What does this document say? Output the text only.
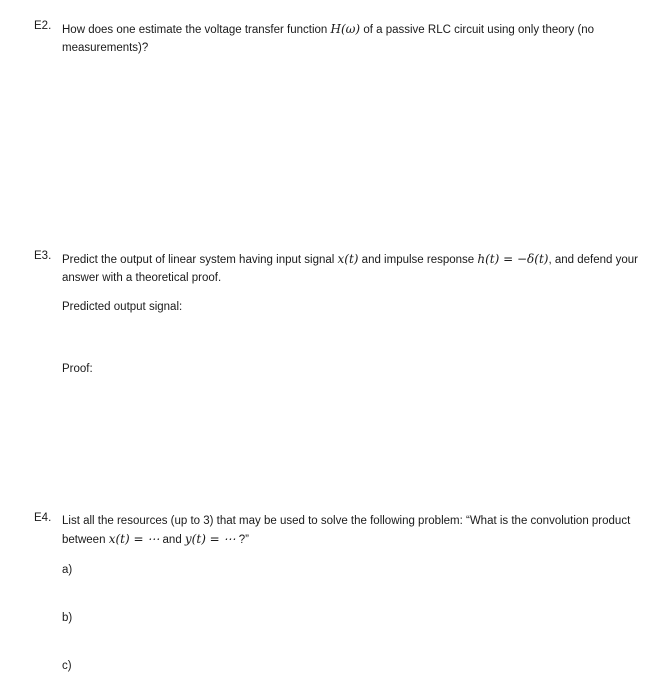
E2. How does one estimate the voltage transfer function H(ω) of a passive RLC circuit using only theory (no measurements)?
E3. Predict the output of linear system having input signal x(t) and impulse response h(t) = −δ(t), and defend your answer with a theoretical proof.
Predicted output signal:
Proof:
E4. List all the resources (up to 3) that may be used to solve the following problem: “What is the convolution product between x(t) = ⋯ and y(t) = ⋯ ?”
a)
b)
c)
